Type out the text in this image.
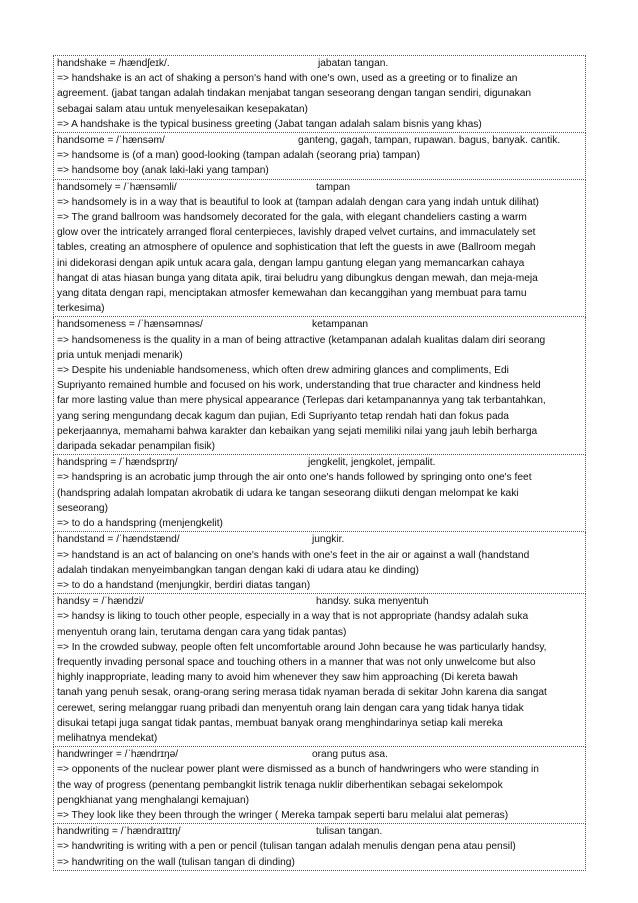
handshake = /hændʃeɪk/.	jabatan tangan.
=> handshake is an act of shaking a person's hand with one's own, used as a greeting or to finalize an
agreement. (jabat tangan adalah tindakan menjabat tangan seseorang dengan tangan sendiri, digunakan
sebagai salam atau untuk menyelesaikan kesepakatan)
=> A handshake is the typical business greeting (Jabat tangan adalah salam bisnis yang khas)
handsome = /ˈhænsəm/	ganteng, gagah, tampan, rupawan. bagus, banyak. cantik.
=> handsome is (of a man) good-looking (tampan adalah (seorang pria) tampan)
=> handsome boy (anak laki-laki yang tampan)
handsomely = /ˈhænsəmli/	tampan
=> handsomely is in a way that is beautiful to look at (tampan adalah dengan cara yang indah untuk dilihat)
=> The grand ballroom was handsomely decorated for the gala, with elegant chandeliers casting a warm
glow over the intricately arranged floral centerpieces, lavishly draped velvet curtains, and immaculately set
tables, creating an atmosphere of opulence and sophistication that left the guests in awe (Ballroom megah
ini didekorasi dengan apik untuk acara gala, dengan lampu gantung elegan yang memancarkan cahaya
hangat di atas hiasan bunga yang ditata apik, tirai beludru yang dibungkus dengan mewah, dan meja-meja
yang ditata dengan rapi, menciptakan atmosfer kemewahan dan kecanggihan yang membuat para tamu
terkesima)
handsomeness = /ˈhænsəmnəs/	ketampanan
=> handsomeness is the quality in a man of being attractive (ketampanan adalah kualitas dalam diri seorang
pria untuk menjadi menarik)
=> Despite his undeniable handsomeness, which often drew admiring glances and compliments, Edi
Supriyanto remained humble and focused on his work, understanding that true character and kindness held
far more lasting value than mere physical appearance (Terlepas dari ketampanannya yang tak terbantahkan,
yang sering mengundang decak kagum dan pujian, Edi Supriyanto tetap rendah hati dan fokus pada
pekerjaannya, memahami bahwa karakter dan kebaikan yang sejati memiliki nilai yang jauh lebih berharga
daripada sekadar penampilan fisik)
handspring = /ˈhændsprɪŋ/	jengkelit, jengkolet, jempalit.
=> handspring is an acrobatic jump through the air onto one's hands followed by springing onto one's feet
(handspring adalah lompatan akrobatik di udara ke tangan seseorang diikuti dengan melompat ke kaki
seseorang)
=> to do a handspring (menjengkelit)
handstand = /ˈhændstænd/	jungkir.
=> handstand is an act of balancing on one's hands with one's feet in the air or against a wall (handstand
adalah tindakan menyeimbangkan tangan dengan kaki di udara atau ke dinding)
=> to do a handstand (menjungkir, berdiri diatas tangan)
handsy = /ˈhændzi/	handsy. suka menyentuh
=> handsy is liking to touch other people, especially in a way that is not appropriate (handsy adalah suka
menyentuh orang lain, terutama dengan cara yang tidak pantas)
=> In the crowded subway, people often felt uncomfortable around John because he was particularly handsy,
frequently invading personal space and touching others in a manner that was not only unwelcome but also
highly inappropriate, leading many to avoid him whenever they saw him approaching (Di kereta bawah
tanah yang penuh sesak, orang-orang sering merasa tidak nyaman berada di sekitar John karena dia sangat
cerewet, sering melanggar ruang pribadi dan menyentuh orang lain dengan cara yang tidak hanya tidak
disukai tetapi juga sangat tidak pantas, membuat banyak orang menghindarinya setiap kali mereka
melihatnya mendekat)
handwringer = /ˈhændrɪŋə/	orang putus asa.
=> opponents of the nuclear power plant were dismissed as a bunch of handwringers who were standing in
the way of progress (penentang pembangkit listrik tenaga nuklir diberhentikan sebagai sekelompok
pengkhianat yang menghalangi kemajuan)
=> They look like they been through the wringer ( Mereka tampak seperti baru melalui alat pemeras)
handwriting = /ˈhændraɪtɪŋ/	tulisan tangan.
=> handwriting is writing with a pen or pencil (tulisan tangan adalah menulis dengan pena atau pensil)
=> handwriting on the wall (tulisan tangan di dinding)
